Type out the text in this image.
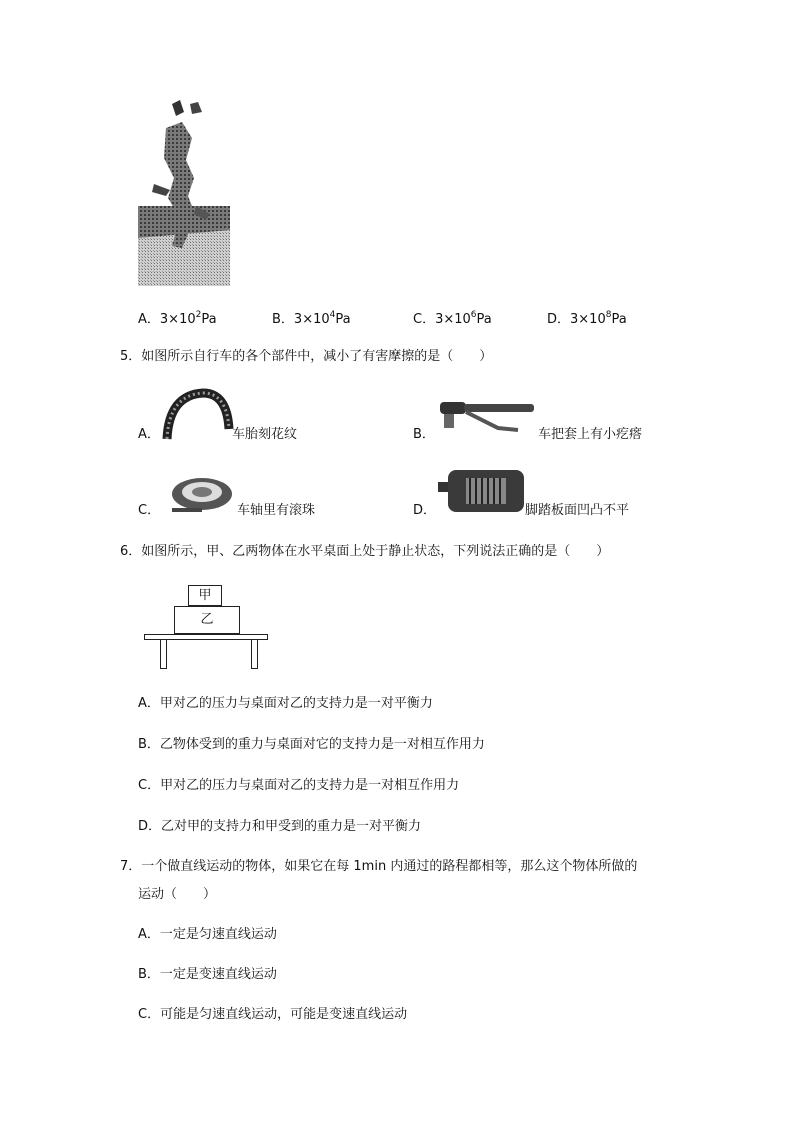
A．$3\times 10^2Pa$	B．$3\times 10^4Pa$	C．$3\times 10^6Pa$	D．$3\times 10^8Pa$
5．如图所示自行车的各个部件中，减小了有害摩擦的是（　　）
A．	车胎刻花纹	B．	车把套上有小疙瘩
C．	车轴里有滚珠	D．	脚踏板面凹凸不平
6．如图所示，甲、乙两物体在水平桌面上处于静止状态，下列说法正确的是（　　）
甲
乙
A．甲对乙的压力与桌面对乙的支持力是一对平衡力
B．乙物体受到的重力与桌面对它的支持力是一对相互作用力
C．甲对乙的压力与桌面对乙的支持力是一对相互作用力
D．乙对甲的支持力和甲受到的重力是一对平衡力
7．一个做直线运动的物体，如果它在每 1min 内通过的路程都相等，那么这个物体所做的
运动（　　）
A．一定是匀速直线运动
B．一定是变速直线运动
C．可能是匀速直线运动，可能是变速直线运动
